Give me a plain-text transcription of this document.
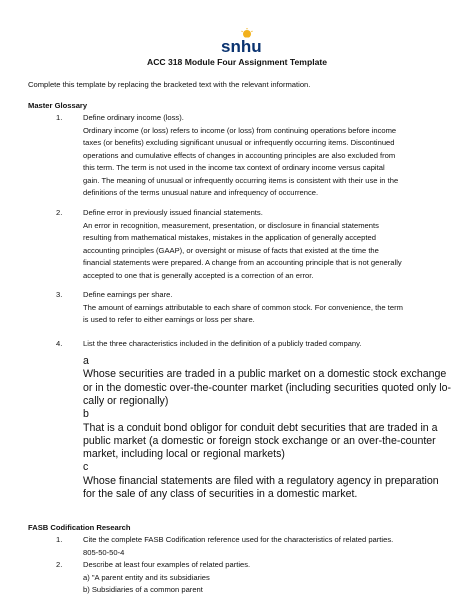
snhu
ACC 318 Module Four Assignment Template
Complete this template by replacing the bracketed text with the relevant information.
Master Glossary
1.	Define ordinary income (loss).
Ordinary income (or loss) refers to income (or loss) from continuing operations before income
taxes (or benefits) excluding significant unusual or infrequently occurring items. Discontinued
operations and cumulative effects of changes in accounting principles are also excluded from
this term. The term is not used in the income tax context of ordinary income versus capital
gain. The meaning of unusual or infrequently occurring items is consistent with their use in the
definitions of the terms unusual nature and infrequency of occurrence.
2.	Define error in previously issued financial statements.
An error in recognition, measurement, presentation, or disclosure in financial statements
resulting from mathematical mistakes, mistakes in the application of generally accepted
accounting principles (GAAP), or oversight or misuse of facts that existed at the time the
financial statements were prepared. A change from an accounting principle that is not generally
accepted to one that is generally accepted is a correction of an error.
3.	Define earnings per share.
The amount of earnings attributable to each share of common stock. For convenience, the term
is used to refer to either earnings or loss per share.
4.	List the three characteristics included in the definition of a publicly traded company.
a
Whose securities are traded in a public market on a domestic stock exchange
or in the domestic over-the-counter market (including securities quoted only lo-
cally or regionally)
b
That is a conduit bond obligor for conduit debt securities that are traded in a
public market (a domestic or foreign stock exchange or an over-the-counter
market, including local or regional markets)
c
Whose financial statements are filed with a regulatory agency in preparation
for the sale of any class of securities in a domestic market.
FASB Codification Research
1.	Cite the complete FASB Codification reference used for the characteristics of related parties.
805-50-50-4
2.	Describe at least four examples of related parties.
a) "A parent entity and its subsidiaries
b) Subsidiaries of a common parent
